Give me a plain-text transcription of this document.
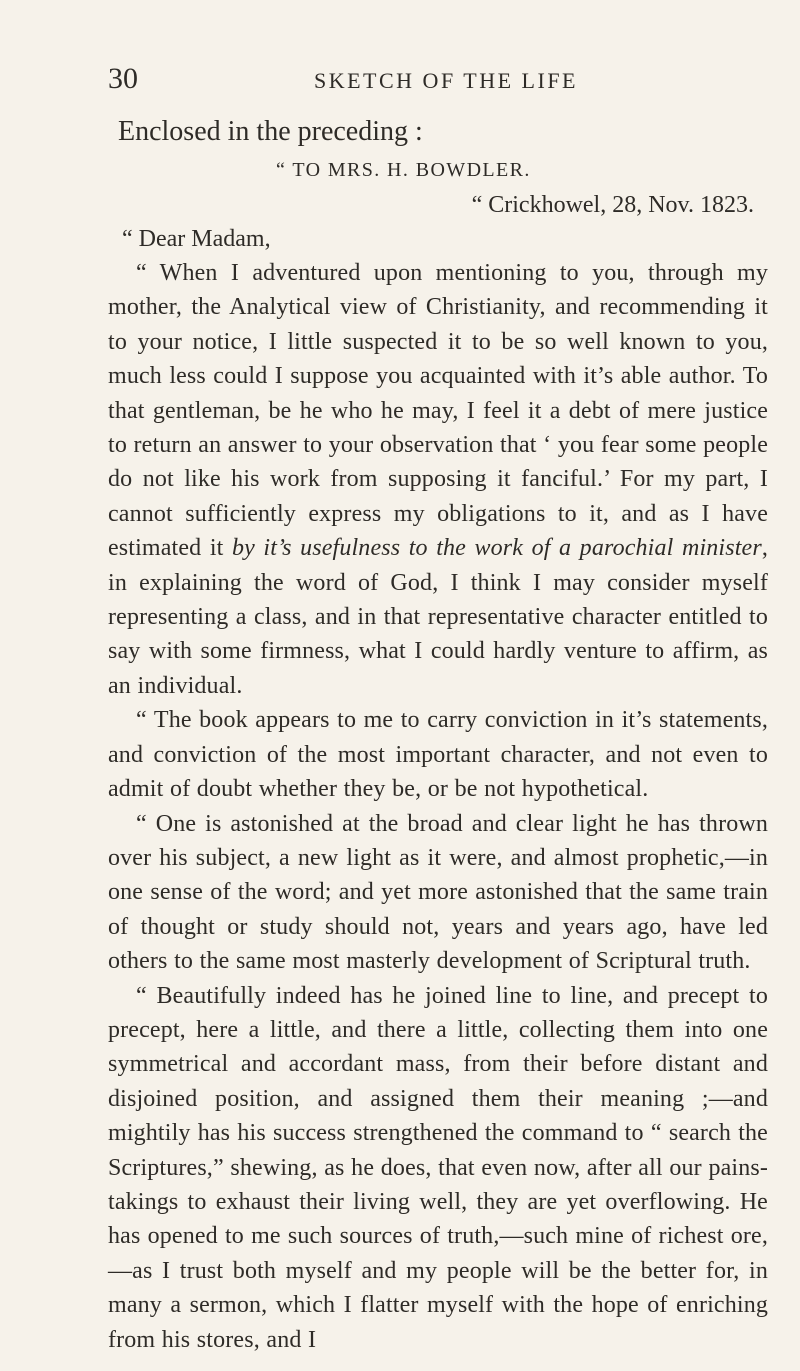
30	SKETCH OF THE LIFE

Enclosed in the preceding :

“ TO MRS. H. BOWDLER.

“ Crickhowel, 28, Nov. 1823.

“ Dear Madam,

“ When I adventured upon mentioning to you, through my mother, the Analytical view of Christianity, and recommending it to your notice, I little suspected it to be so well known to you, much less could I suppose you acquainted with it’s able author. To that gentleman, be he who he may, I feel it a debt of mere justice to return an answer to your observation that ‘ you fear some people do not like his work from supposing it fanciful.’ For my part, I cannot sufficiently express my obligations to it, and as I have estimated it by it’s usefulness to the work of a parochial minister, in explaining the word of God, I think I may consider myself representing a class, and in that representative character entitled to say with some firmness, what I could hardly venture to affirm, as an individual.

“ The book appears to me to carry conviction in it’s statements, and conviction of the most important character, and not even to admit of doubt whether they be, or be not hypothetical.

“ One is astonished at the broad and clear light he has thrown over his subject, a new light as it were, and almost prophetic,—in one sense of the word; and yet more astonished that the same train of thought or study should not, years and years ago, have led others to the same most masterly development of Scriptural truth.

“ Beautifully indeed has he joined line to line, and precept to precept, here a little, and there a little, collecting them into one symmetrical and accordant mass, from their before distant and disjoined position, and assigned them their meaning ;—and mightily has his success strengthened the command to “ search the Scriptures,” shewing, as he does, that even now, after all our pains-takings to exhaust their living well, they are yet overflowing. He has opened to me such sources of truth,—such mine of richest ore,—as I trust both myself and my people will be the better for, in many a sermon, which I flatter myself with the hope of enriching from his stores, and I
